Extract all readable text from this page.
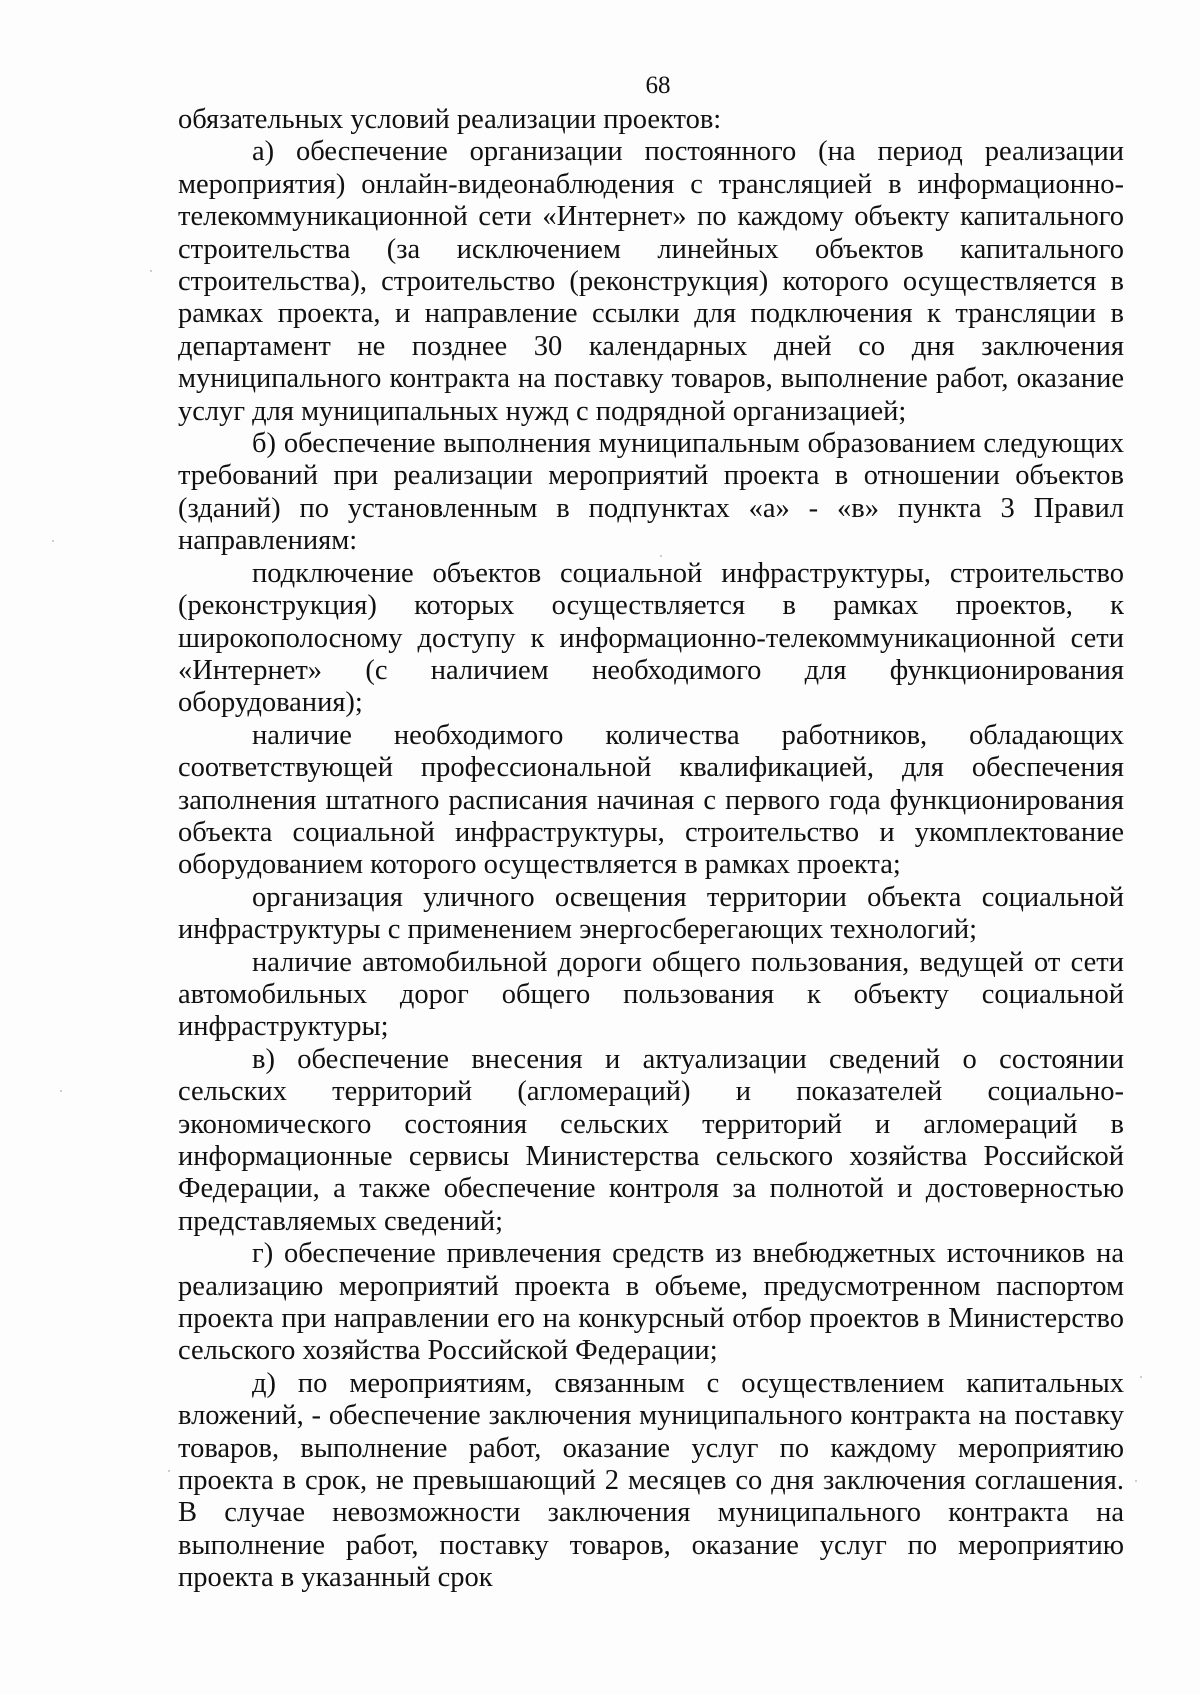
68

обязательных условий реализации проектов:

а) обеспечение организации постоянного (на период реализации мероприятия) онлайн-видеонаблюдения с трансляцией в информационно-телекоммуникационной сети «Интернет» по каждому объекту капитального строительства (за исключением линейных объектов капитального строительства), строительство (реконструкция) которого осуществляется в рамках проекта, и направление ссылки для подключения к трансляции в департамент не позднее 30 календарных дней со дня заключения муниципального контракта на поставку товаров, выполнение работ, оказание услуг для муниципальных нужд с подрядной организацией;

б) обеспечение выполнения муниципальным образованием следующих требований при реализации мероприятий проекта в отношении объектов (зданий) по установленным в подпунктах «а» - «в» пункта 3 Правил направлениям:

подключение объектов социальной инфраструктуры, строительство (реконструкция) которых осуществляется в рамках проектов, к широкополосному доступу к информационно-телекоммуникационной сети «Интернет» (с наличием необходимого для функционирования оборудования);

наличие необходимого количества работников, обладающих соответствующей профессиональной квалификацией, для обеспечения заполнения штатного расписания начиная с первого года функционирования объекта социальной инфраструктуры, строительство и укомплектование оборудованием которого осуществляется в рамках проекта;

организация уличного освещения территории объекта социальной инфраструктуры с применением энергосберегающих технологий;

наличие автомобильной дороги общего пользования, ведущей от сети автомобильных дорог общего пользования к объекту социальной инфраструктуры;

в) обеспечение внесения и актуализации сведений о состоянии сельских территорий (агломераций) и показателей социально-экономического состояния сельских территорий и агломераций в информационные сервисы Министерства сельского хозяйства Российской Федерации, а также обеспечение контроля за полнотой и достоверностью представляемых сведений;

г) обеспечение привлечения средств из внебюджетных источников на реализацию мероприятий проекта в объеме, предусмотренном паспортом проекта при направлении его на конкурсный отбор проектов в Министерство сельского хозяйства Российской Федерации;

д) по мероприятиям, связанным с осуществлением капитальных вложений, - обеспечение заключения муниципального контракта на поставку товаров, выполнение работ, оказание услуг по каждому мероприятию проекта в срок, не превышающий 2 месяцев со дня заключения соглашения. В случае невозможности заключения муниципального контракта на выполнение работ, поставку товаров, оказание услуг по мероприятию проекта в указанный срок
